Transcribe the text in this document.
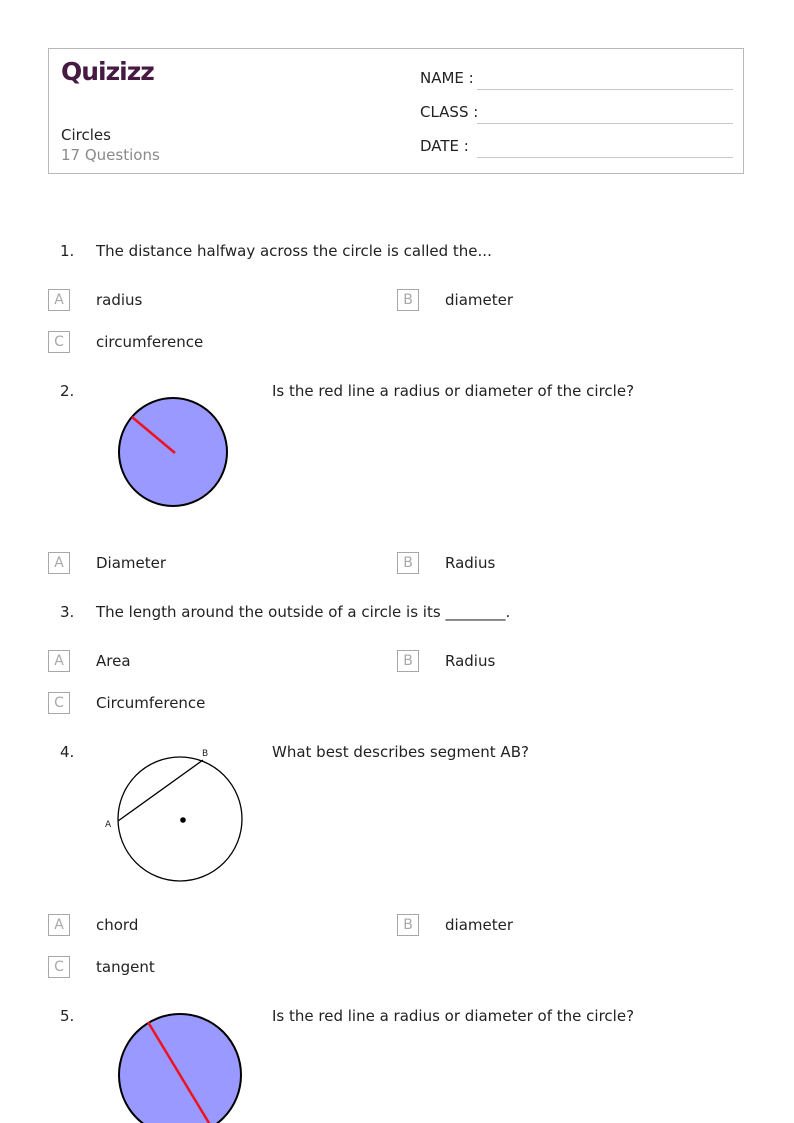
Quizizz
Circles
17 Questions
NAME :
CLASS :
DATE :
1. The distance halfway across the circle is called the...
A	radius	B	diameter
C	circumference
2.	Is the red line a radius or diameter of the circle?
A	Diameter	B	Radius
3. The length around the outside of a circle is its ________.
A	Area	B	Radius
C	Circumference
4.
A
B	What best describes segment AB?
A	chord	B	diameter
C	tangent
5.	Is the red line a radius or diameter of the circle?
